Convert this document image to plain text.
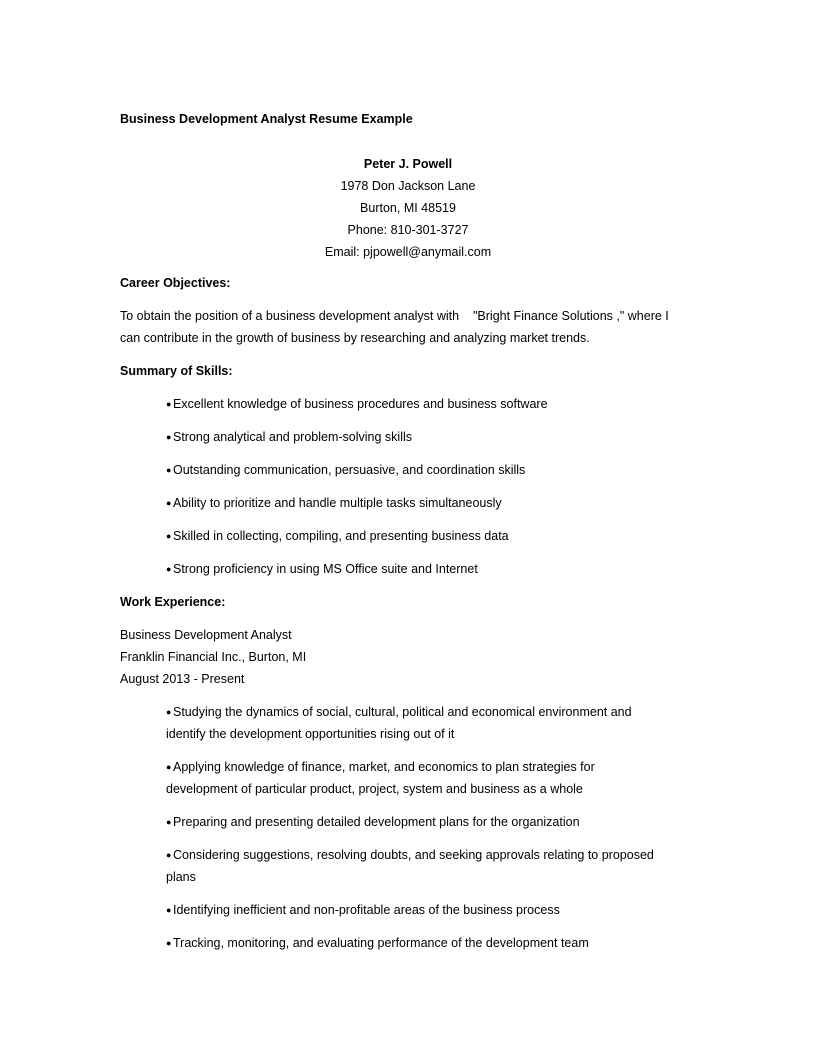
Business Development Analyst Resume Example
Peter J. Powell
1978 Don Jackson Lane
Burton, MI 48519
Phone: 810-301-3727
Email: pjpowell@anymail.com
Career Objectives:
To obtain the position of a business development analyst with    "Bright Finance Solutions ," where I
can contribute in the growth of business by researching and analyzing market trends.
Summary of Skills:
● Excellent knowledge of business procedures and business software
● Strong analytical and problem-solving skills
● Outstanding communication, persuasive, and coordination skills
● Ability to prioritize and handle multiple tasks simultaneously
● Skilled in collecting, compiling, and presenting business data
● Strong proficiency in using MS Office suite and Internet
Work Experience:
Business Development Analyst
Franklin Financial Inc., Burton, MI
August 2013 - Present
● Studying the dynamics of social, cultural, political and economical environment and
identify the development opportunities rising out of it
● Applying knowledge of finance, market, and economics to plan strategies for
development of particular product, project, system and business as a whole
● Preparing and presenting detailed development plans for the organization
● Considering suggestions, resolving doubts, and seeking approvals relating to proposed
plans
● Identifying inefficient and non-profitable areas of the business process
● Tracking, monitoring, and evaluating performance of the development team
